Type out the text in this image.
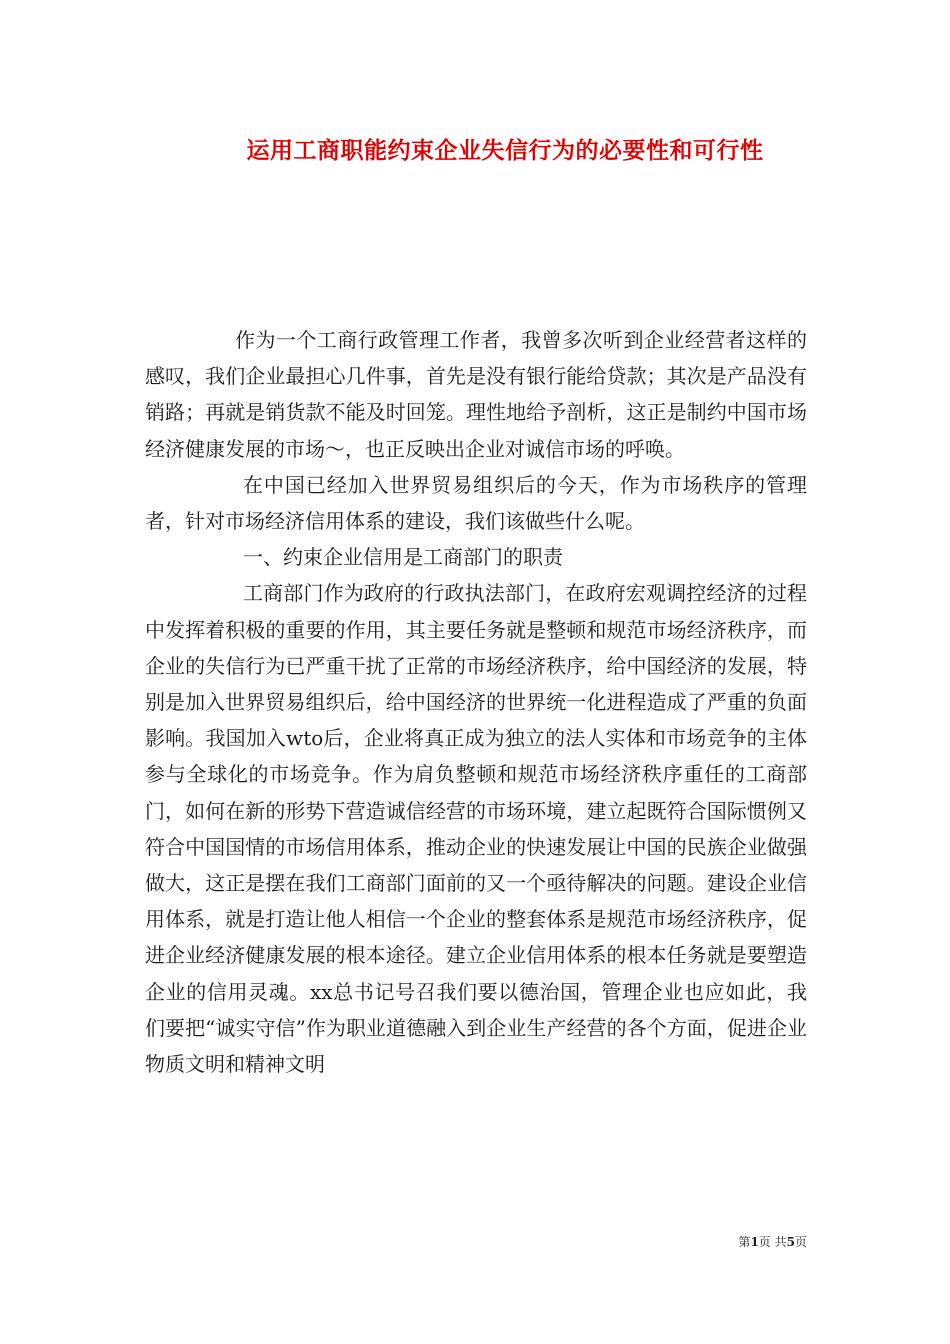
运用工商职能约束企业失信行为的必要性和可行性

作为一个工商行政管理工作者，我曾多次听到企业经营者这样的感叹，我们企业最担心几件事，首先是没有银行能给贷款；其次是产品没有销路；再就是销货款不能及时回笼。理性地给予剖析，这正是制约中国市场经济健康发展的市场～，也正反映出企业对诚信市场的呼唤。

在中国已经加入世界贸易组织后的今天，作为市场秩序的管理者，针对市场经济信用体系的建设，我们该做些什么呢。

一、约束企业信用是工商部门的职责

工商部门作为政府的行政执法部门，在政府宏观调控经济的过程中发挥着积极的重要的作用，其主要任务就是整顿和规范市场经济秩序，而企业的失信行为已严重干扰了正常的市场经济秩序，给中国经济的发展，特别是加入世界贸易组织后，给中国经济的世界统一化进程造成了严重的负面影响。我国加入wto后，企业将真正成为独立的法人实体和市场竞争的主体参与全球化的市场竞争。作为肩负整顿和规范市场经济秩序重任的工商部门，如何在新的形势下营造诚信经营的市场环境，建立起既符合国际惯例又符合中国国情的市场信用体系，推动企业的快速发展让中国的民族企业做强做大，这正是摆在我们工商部门面前的又一个亟待解决的问题。建设企业信用体系，就是打造让他人相信一个企业的整套体系是规范市场经济秩序，促进企业经济健康发展的根本途径。建立企业信用体系的根本任务就是要塑造企业的信用灵魂。xx总书记号召我们要以德治国，管理企业也应如此，我们要把“诚实守信”作为职业道德融入到企业生产经营的各个方面，促进企业物质文明和精神文明

第1页 共5页
